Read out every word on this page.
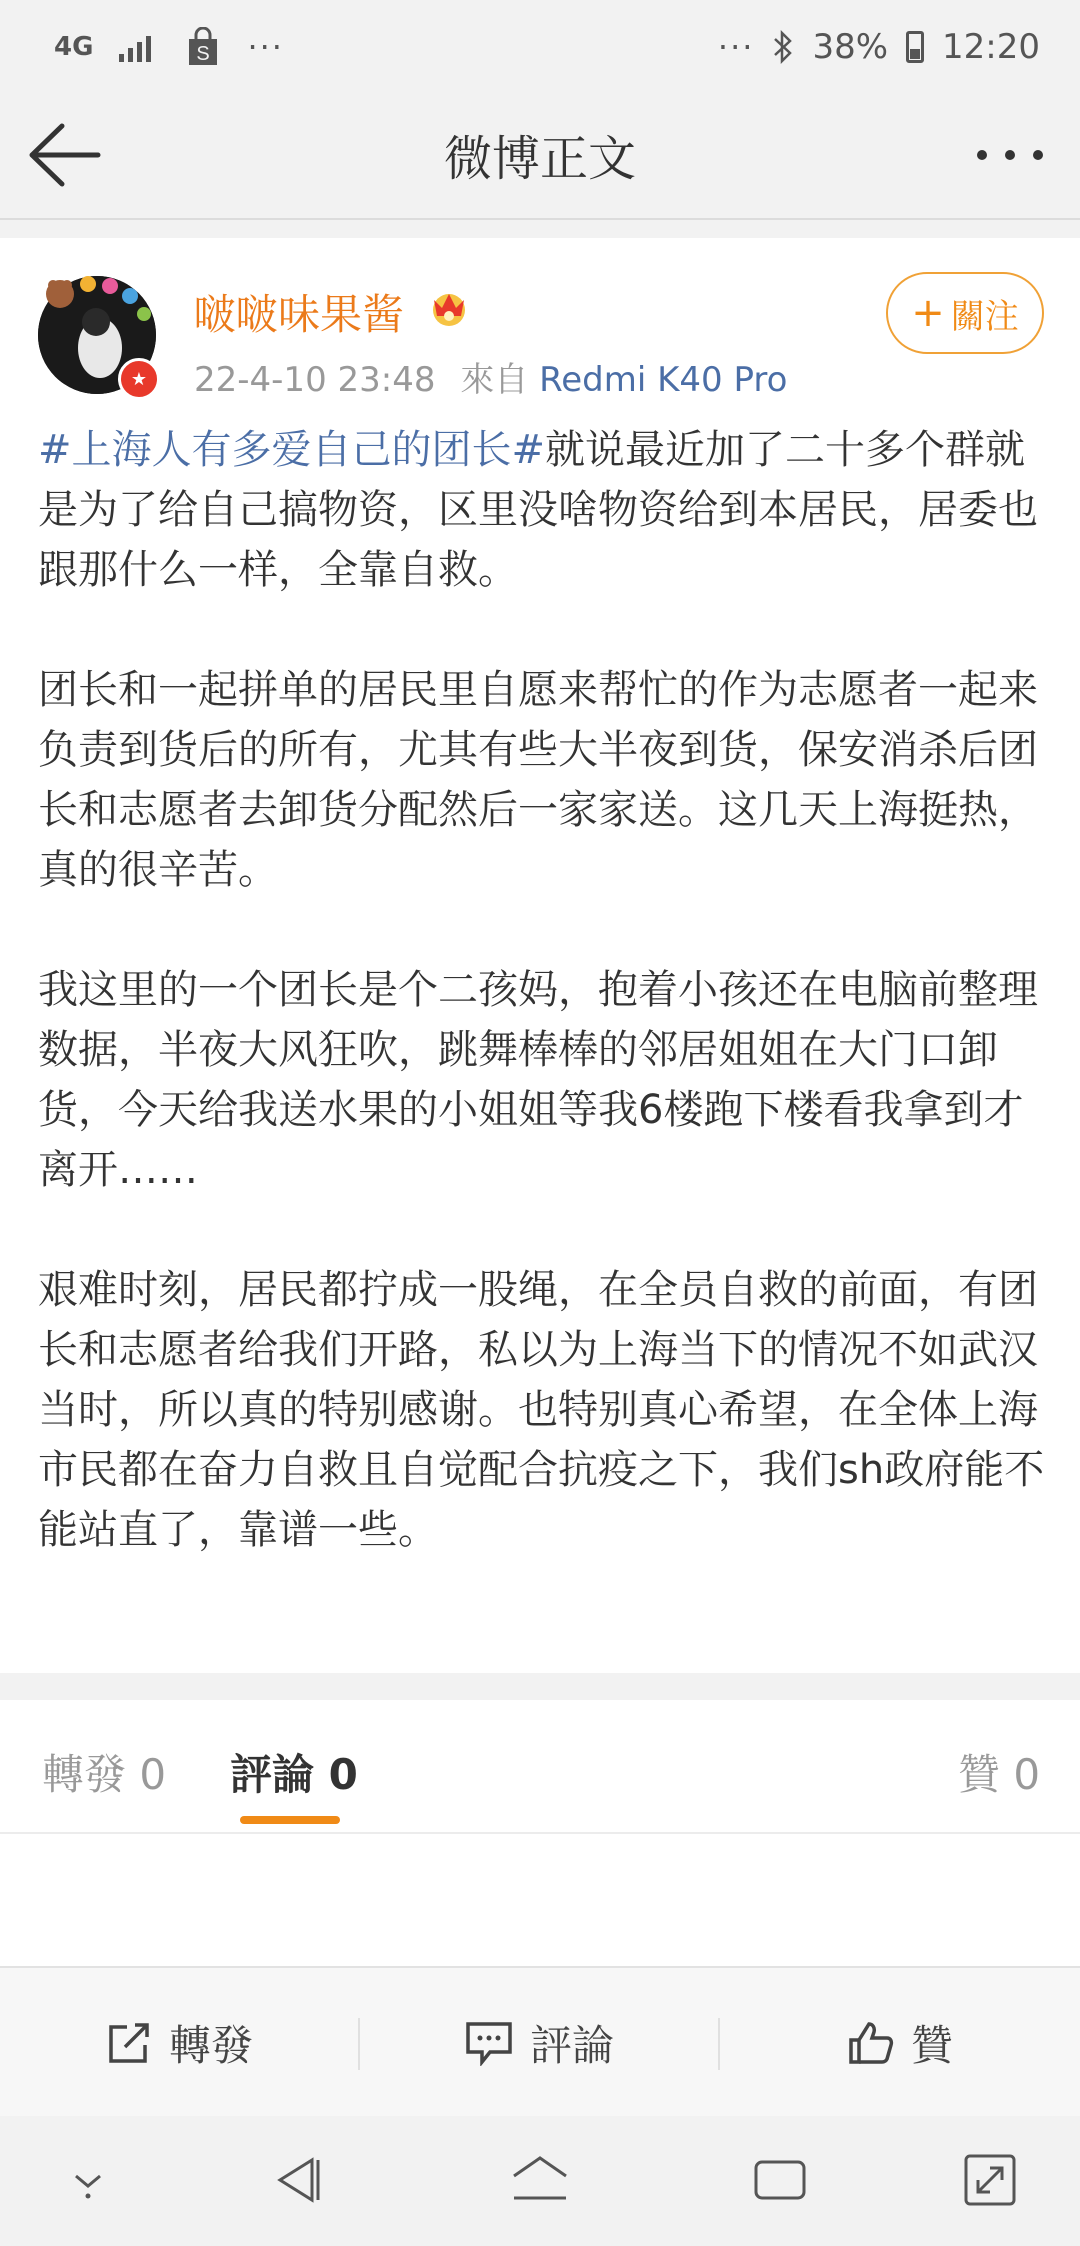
4G	S ···	··· 38% 12:20
微博正文
★
啵啵味果酱
22-4-10 23:48 來自 Redmi K40 Pro
+ 關注

#上海人有多爱自己的团长#就说最近加了二十多个群就是为了给自己搞物资，区里没啥物资给到本居民，居委也跟那什么一样，全靠自救。

团长和一起拼单的居民里自愿来帮忙的作为志愿者一起来负责到货后的所有，尤其有些大半夜到货，保安消杀后团长和志愿者去卸货分配然后一家家送。这几天上海挺热，真的很辛苦。

我这里的一个团长是个二孩妈，抱着小孩还在电脑前整理数据，半夜大风狂吹，跳舞棒棒的邻居姐姐在大门口卸货，今天给我送水果的小姐姐等我6楼跑下楼看我拿到才离开……

艰难时刻，居民都拧成一股绳，在全员自救的前面，有团长和志愿者给我们开路，私以为上海当下的情况不如武汉当时，所以真的特别感谢。也特别真心希望，在全体上海市民都在奋力自救且自觉配合抗疫之下，我们sh政府能不能站直了，靠谱一些。

轉發 0 評論 0	贊 0
轉發	評論	贊
